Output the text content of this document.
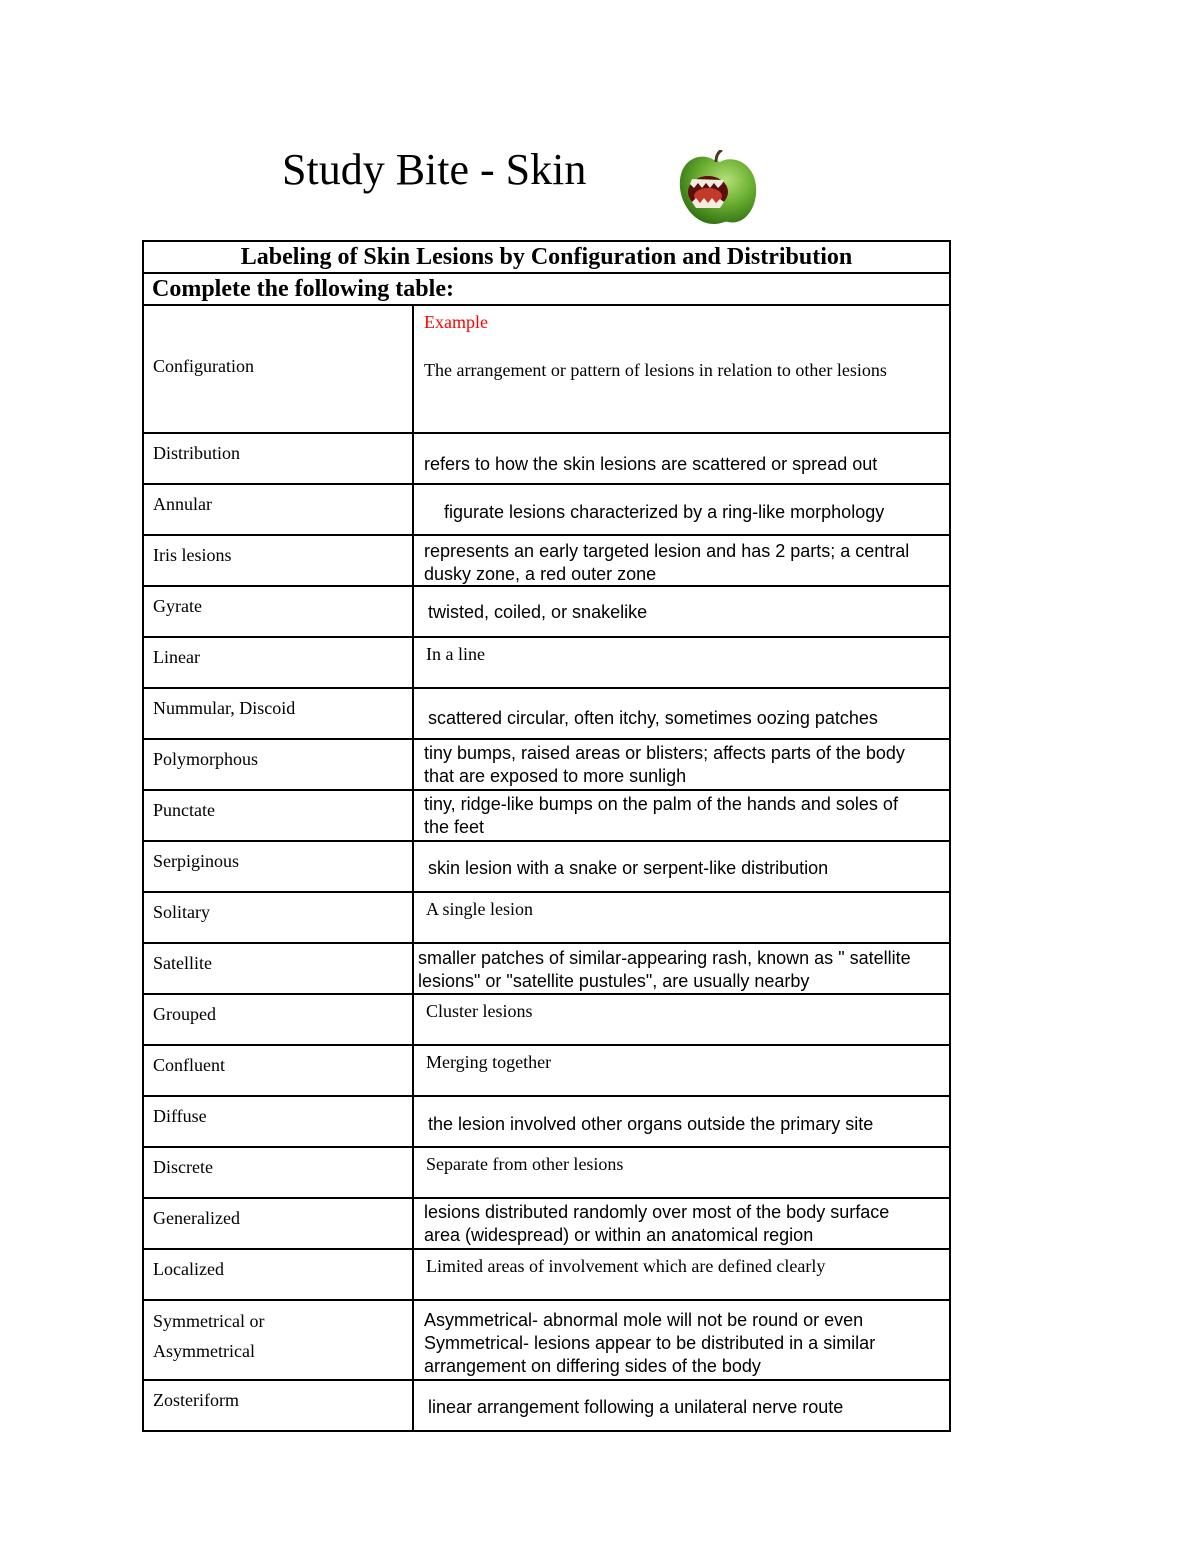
Study Bite - Skin
Labeling of Skin Lesions by Configuration and Distribution	
Complete the following table:	
Configuration	Example
The arrangement or pattern of lesions in relation to other lesions

Distribution	refers to how the skin lesions are scattered or spread out

Annular	figurate lesions characterized by a ring-like morphology

Iris lesions	represents an early targeted lesion and has 2 parts; a central dusky zone, a red outer zone

Gyrate	twisted, coiled, or snakelike

Linear	In a line

Nummular, Discoid	scattered circular, often itchy, sometimes oozing patches

Polymorphous	tiny bumps, raised areas or blisters; affects parts of the body that are exposed to more sunligh

Punctate	tiny, ridge-like bumps on the palm of the hands and soles of the feet

Serpiginous	skin lesion with a snake or serpent-like distribution

Solitary	A single lesion

Satellite	smaller patches of similar-appearing rash, known as " satellite lesions" or "satellite pustules", are usually nearby

Grouped	Cluster lesions

Confluent	Merging together

Diffuse	the lesion involved other organs outside the primary site

Discrete	Separate from other lesions

Generalized	lesions distributed randomly over most of the body surface area (widespread) or within an anatomical region

Localized	Limited areas of involvement which are defined clearly

Symmetrical or Asymmetrical	Asymmetrical- abnormal mole will not be round or even Symmetrical- lesions appear to be distributed in a similar arrangement on differing sides of the body

Zosteriform	linear arrangement following a unilateral nerve route
